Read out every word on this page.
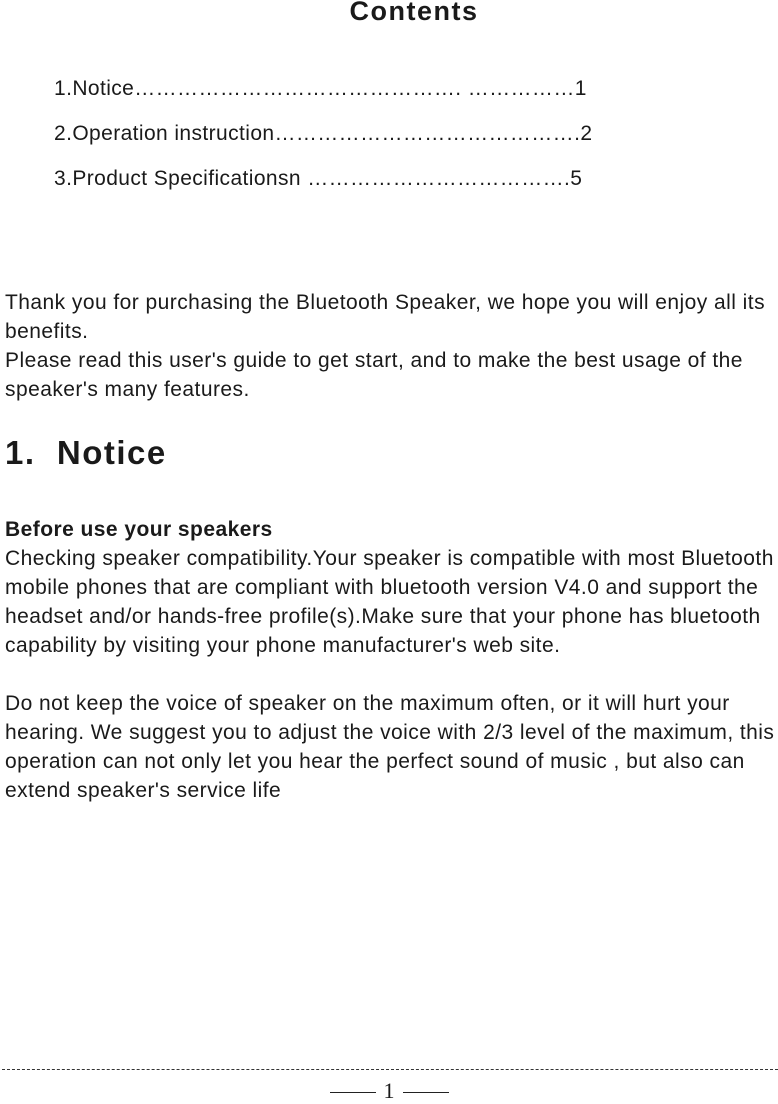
Contents
1.Notice………………………………………. ……………1
2.Operation instruction…………………………………….2
3.Product Specificationsn ……………………………….5

Thank you for purchasing the Bluetooth Speaker, we hope you will enjoy all its benefits.

Please read this user's guide to get start, and to make the best usage of the speaker's many features.

1.  Notice

Before use your speakers

Checking speaker compatibility.Your speaker is compatible with most Bluetooth mobile phones that are compliant with bluetooth version V4.0 and support the headset and/or hands-free profile(s).Make sure that your phone has bluetooth capability by visiting your phone manufacturer's web site.

Do not keep the voice of speaker on the maximum often, or it will hurt your hearing. We suggest you to adjust the voice with 2/3 level of the maximum, this operation can not only let you hear the perfect sound of music , but also can extend speaker's service life

1
